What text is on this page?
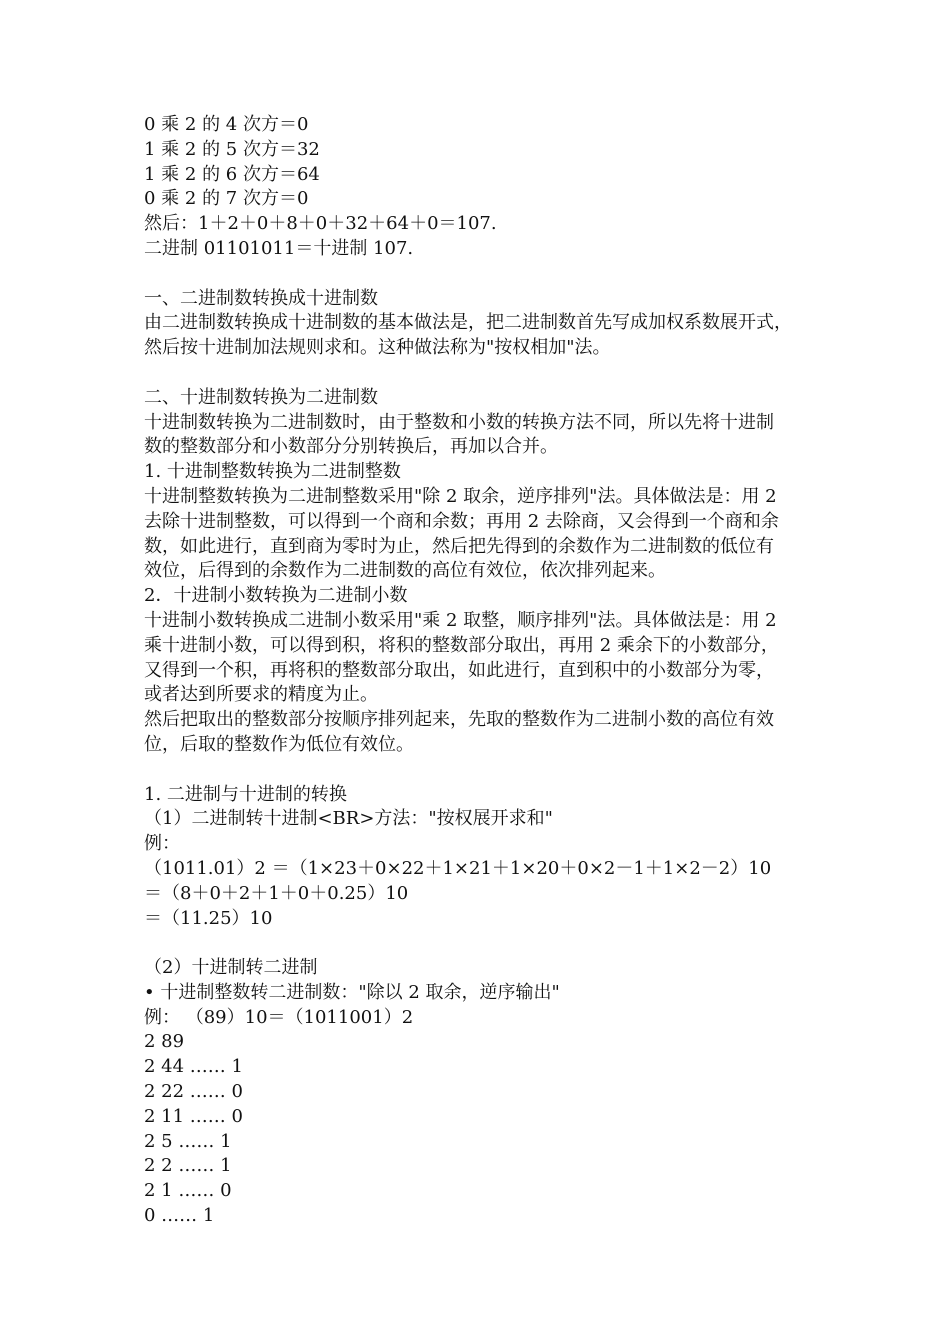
0 乘 2 的 4 次方＝0
1 乘 2 的 5 次方＝32
1 乘 2 的 6 次方＝64
0 乘 2 的 7 次方＝0
然后：1＋2＋0＋8＋0＋32＋64＋0＝107.
二进制 01101011＝十进制 107.
一、二进制数转换成十进制数
由二进制数转换成十进制数的基本做法是，把二进制数首先写成加权系数展开式，
然后按十进制加法规则求和。这种做法称为"按权相加"法。
二、十进制数转换为二进制数
十进制数转换为二进制数时，由于整数和小数的转换方法不同，所以先将十进制
数的整数部分和小数部分分别转换后，再加以合并。
1. 十进制整数转换为二进制整数
十进制整数转换为二进制整数采用"除 2 取余，逆序排列"法。具体做法是：用 2
去除十进制整数，可以得到一个商和余数；再用 2 去除商，又会得到一个商和余
数，如此进行，直到商为零时为止，然后把先得到的余数作为二进制数的低位有
效位，后得到的余数作为二进制数的高位有效位，依次排列起来。
2．十进制小数转换为二进制小数
十进制小数转换成二进制小数采用"乘 2 取整，顺序排列"法。具体做法是：用 2
乘十进制小数，可以得到积，将积的整数部分取出，再用 2 乘余下的小数部分，
又得到一个积，再将积的整数部分取出，如此进行，直到积中的小数部分为零，
或者达到所要求的精度为止。
然后把取出的整数部分按顺序排列起来，先取的整数作为二进制小数的高位有效
位，后取的整数作为低位有效位。
1. 二进制与十进制的转换
（1）二进制转十进制<BR>方法："按权展开求和"
例：
（1011.01）2 ＝（1×23＋0×22＋1×21＋1×20＋0×2－1＋1×2－2）10
＝（8＋0＋2＋1＋0＋0.25）10
＝（11.25）10
（2）十进制转二进制
• 十进制整数转二进制数："除以 2 取余，逆序输出"
例： （89）10＝（1011001）2
2 89
2 44 …… 1
2 22 …… 0
2 11 …… 0
2 5 …… 1
2 2 …… 1
2 1 …… 0
0 …… 1
